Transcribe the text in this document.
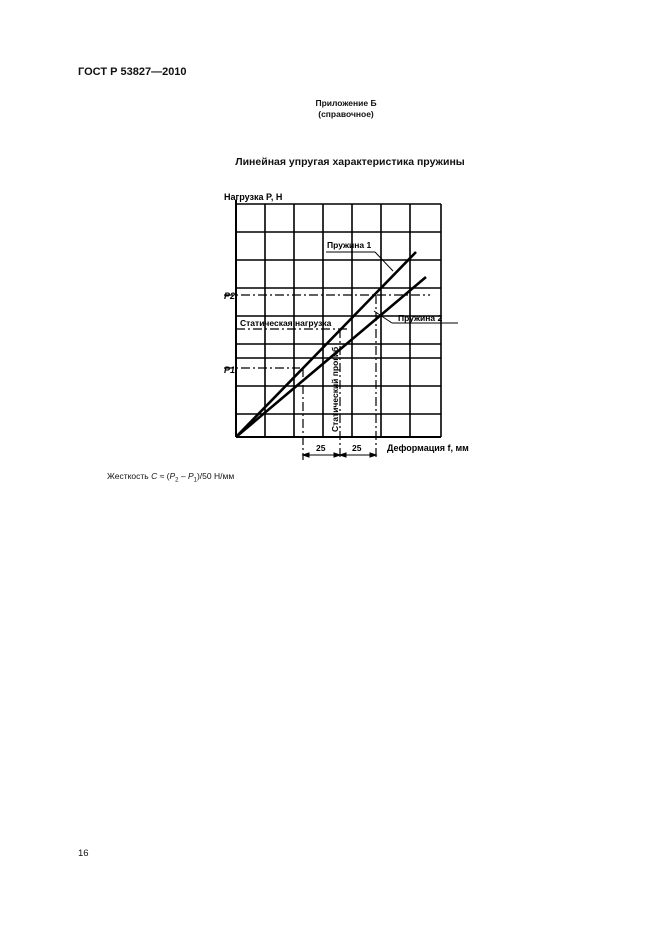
ГОСТ Р 53827—2010
Приложение Б
(справочное)
Линейная упругая характеристика пружины
Нагрузка P, H
P2
P1
Пружина 1
Пружина 2
Статическая нагрузка
Статический прогиб
25	25	Деформация f, мм
Жесткость $C \approx (P_2 - P_1)/50$ Н/мм
16
